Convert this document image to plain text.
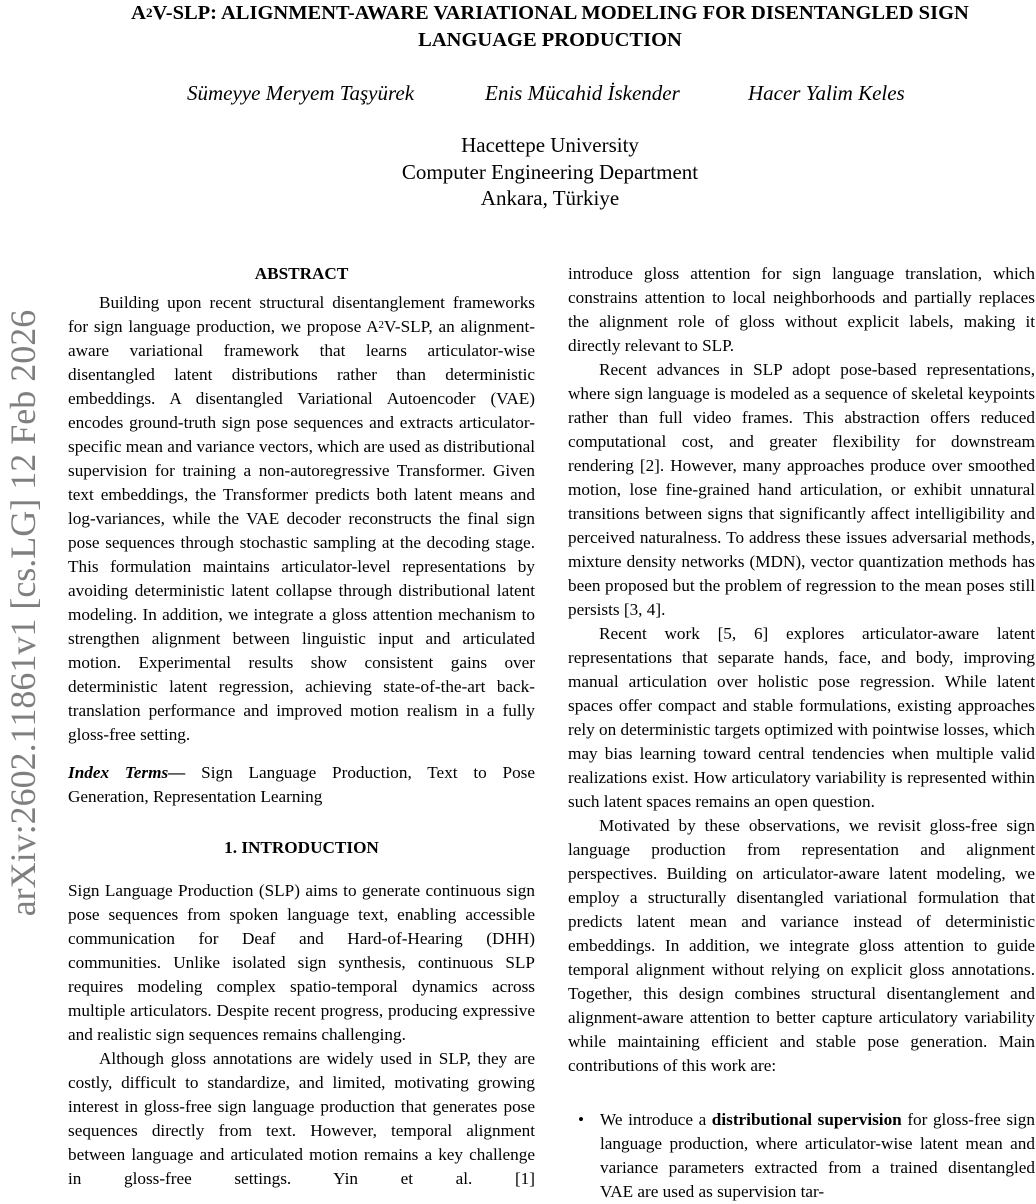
$A^2V$-SLP: ALIGNMENT-AWARE VARIATIONAL MODELING FOR DISENTANGLED SIGN
LANGUAGE PRODUCTION
Sümeyye Meryem Taşyürek	Enis Mücahid İskender	Hacer Yalim Keles
Hacettepe University
Computer Engineering Department
Ankara, Türkiye
arXiv:2602.11861v1 [cs.LG] 12 Feb 2026
ABSTRACT

Building upon recent structural disentanglement frameworks for sign language production, we propose $A^2V$-SLP, an alignment-aware variational framework that learns articulator-wise disentangled latent distributions rather than deterministic embeddings. A disentangled Variational Autoencoder (VAE) encodes ground-truth sign pose sequences and extracts articulator-specific mean and variance vectors, which are used as distributional supervision for training a non-autoregressive Transformer. Given text embeddings, the Transformer predicts both latent means and log-variances, while the VAE decoder reconstructs the final sign pose sequences through stochastic sampling at the decoding stage. This formulation maintains articulator-level representations by avoiding deterministic latent collapse through distributional latent modeling. In addition, we integrate a gloss attention mechanism to strengthen alignment between linguistic input and articulated motion. Experimental results show consistent gains over deterministic latent regression, achieving state-of-the-art back-translation performance and improved motion realism in a fully gloss-free setting.

Index Terms— Sign Language Production, Text to Pose Generation, Representation Learning

1. INTRODUCTION

Sign Language Production (SLP) aims to generate continuous sign pose sequences from spoken language text, enabling accessible communication for Deaf and Hard-of-Hearing (DHH) communities. Unlike isolated sign synthesis, continuous SLP requires modeling complex spatio-temporal dynamics across multiple articulators. Despite recent progress, producing expressive and realistic sign sequences remains challenging.

Although gloss annotations are widely used in SLP, they are costly, difficult to standardize, and limited, motivating growing interest in gloss-free sign language production that generates pose sequences directly from text. However, temporal alignment between language and articulated motion remains a key challenge in gloss-free settings. Yin et al. [1]

introduce gloss attention for sign language translation, which constrains attention to local neighborhoods and partially replaces the alignment role of gloss without explicit labels, making it directly relevant to SLP.

Recent advances in SLP adopt pose-based representations, where sign language is modeled as a sequence of skeletal keypoints rather than full video frames. This abstraction offers reduced computational cost, and greater flexibility for downstream rendering [2]. However, many approaches produce over smoothed motion, lose fine-grained hand articulation, or exhibit unnatural transitions between signs that significantly affect intelligibility and perceived naturalness. To address these issues adversarial methods, mixture density networks (MDN), vector quantization methods has been proposed but the problem of regression to the mean poses still persists [3, 4].

Recent work [5, 6] explores articulator-aware latent representations that separate hands, face, and body, improving manual articulation over holistic pose regression. While latent spaces offer compact and stable formulations, existing approaches rely on deterministic targets optimized with pointwise losses, which may bias learning toward central tendencies when multiple valid realizations exist. How articulatory variability is represented within such latent spaces remains an open question.

Motivated by these observations, we revisit gloss-free sign language production from representation and alignment perspectives. Building on articulator-aware latent modeling, we employ a structurally disentangled variational formulation that predicts latent mean and variance instead of deterministic embeddings. In addition, we integrate gloss attention to guide temporal alignment without relying on explicit gloss annotations. Together, this design combines structural disentanglement and alignment-aware attention to better capture articulatory variability while maintaining efficient and stable pose generation. Main contributions of this work are:

• We introduce a distributional supervision for gloss-free sign language production, where articulator-wise latent mean and variance parameters extracted from a trained disentangled VAE are used as supervision tar-
